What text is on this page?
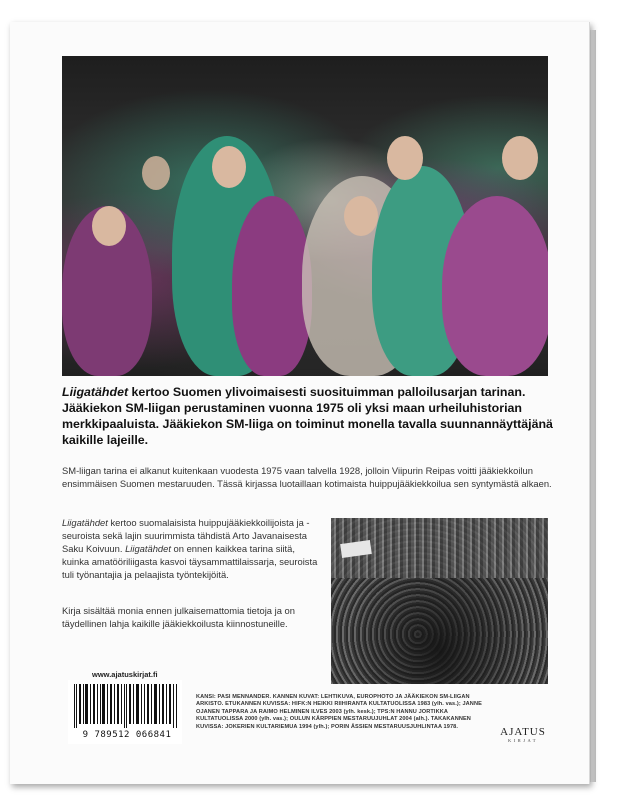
Liigatähdet kertoo Suomen ylivoimaisesti suosituimman palloilusarjan tarinan. Jääkiekon SM-liigan perustaminen vuonna 1975 oli yksi maan urheiluhistorian merkkipaaluista. Jääkiekon SM-liiga on toiminut monella tavalla suunnannäyttäjänä kaikille lajeille.

SM-liigan tarina ei alkanut kuitenkaan vuodesta 1975 vaan talvella 1928, jolloin Viipurin Reipas voitti jääkiekkoilun ensimmäisen Suomen mestaruuden. Tässä kirjassa luotaillaan kotimaista huippujääkiekkoilua sen syntymästä alkaen.

Liigatähdet kertoo suomalaisista huippujääkiekkoilijoista ja -seuroista sekä lajin suurimmista tähdistä Arto Javanaisesta Saku Koivuun. Liigatähdet on ennen kaikkea tarina siitä, kuinka amatööriliigasta kasvoi täysammattilaissarja, seuroista tuli työnantajia ja pelaajista työntekijöitä.

Kirja sisältää monia ennen julkaisemattomia tietoja ja on täydellinen lahja kaikille jääkiekkoilusta kiinnostuneille.

www.ajatuskirjat.fi
9 789512 066841

KANSI: PASI MENNANDER. KANNEN KUVAT: LEHTIKUVA, EUROPHOTO JA JÄÄKIEKON SM-LIIGAN ARKISTO. ETUKANNEN KUVISSA: HIFK:N HEIKKI RIIHIRANTA KULTATUOLISSA 1983 (ylh. vas.); JANNE OJANEN TAPPARA JA RAIMO HELMINEN ILVES 2003 (ylh. kesk.); TPS:N HANNU JORTIKKA KULTATUOLISSA 2000 (ylh. vas.); OULUN KÄRPPIEN MESTARUUJUHLAT 2004 (alh.). TAKAKANNEN KUVISSA: JOKERIEN KULTARIEMUA 1994 (ylh.); PORIN ÄSSIEN MESTARUUSJUHLINTAA 1978.	AJATUS
KIRJAT
